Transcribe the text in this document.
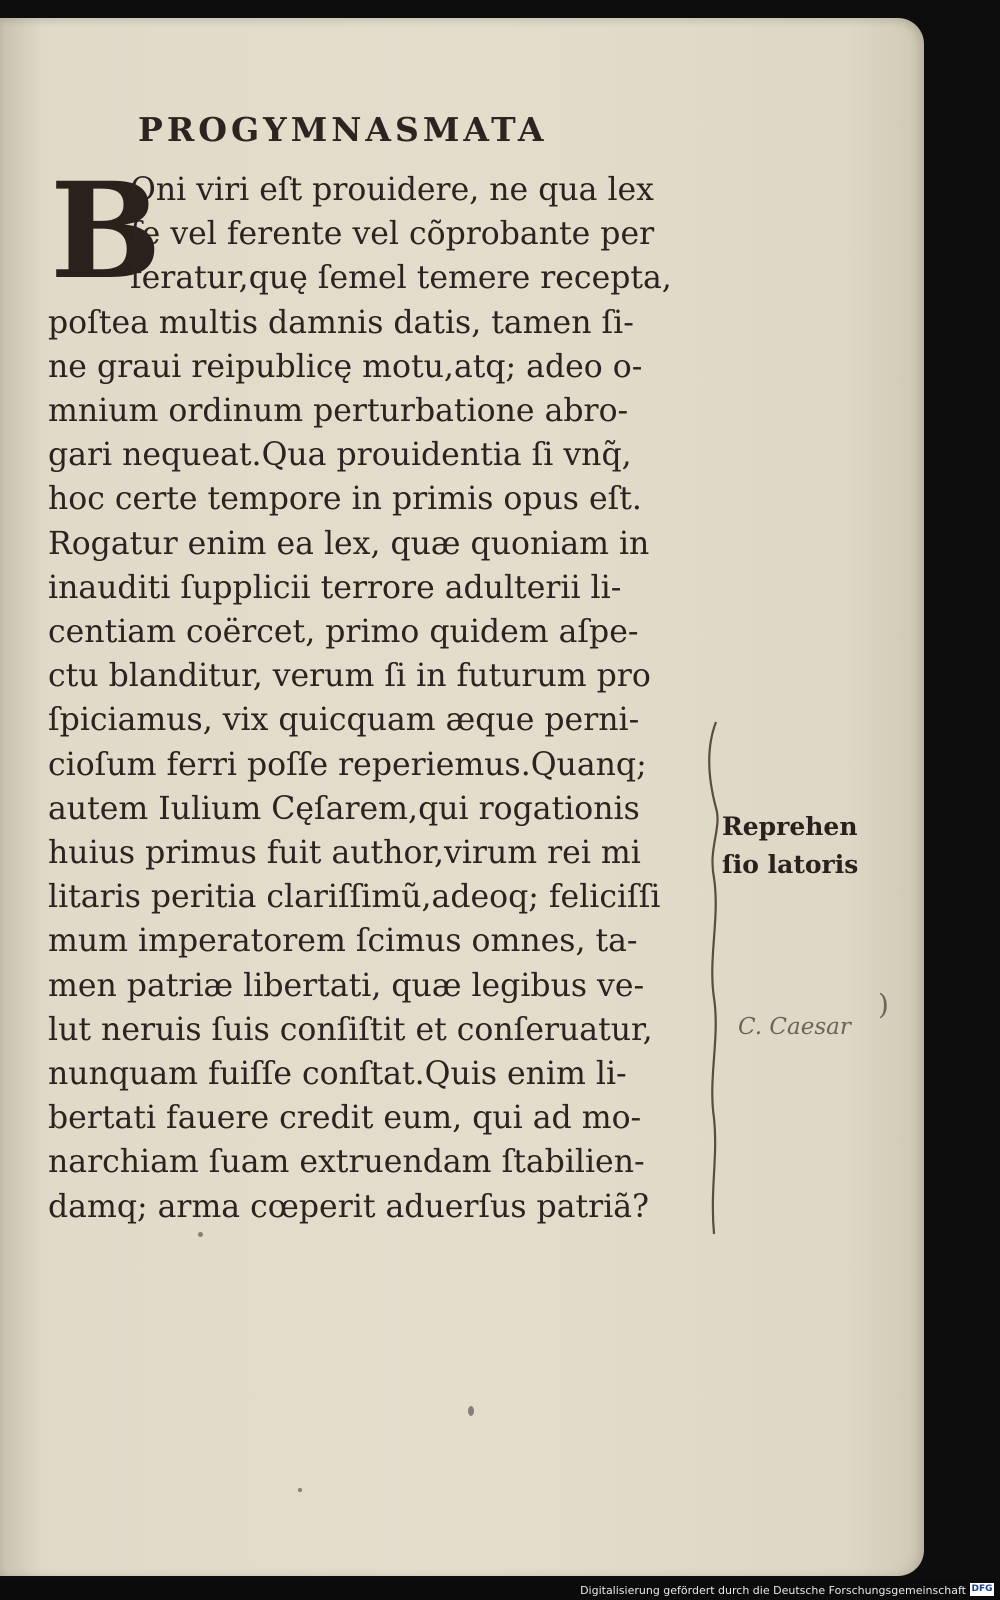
PROGYMNASMATA
B
Oni viri eſt prouidere, ne qua lex
ſe vel ferente vel cõprobante per
feratur,quę ſemel temere recepta,
poſtea multis damnis datis, tamen ſi-
ne graui reipublicę motu,atq; adeo o-
mnium ordinum perturbatione abro-
gari nequeat.Qua prouidentia ſi vnq̃,
hoc certe tempore in primis opus eſt.
Rogatur enim ea lex, quæ quoniam in
inauditi ſupplicii terrore adulterii li-
centiam coërcet, primo quidem aſpe-
ctu blanditur, verum ſi in futurum pro
ſpiciamus, vix quicquam æque perni-
cioſum ferri poſſe reperiemus.Quanq;
autem Iulium Cęſarem,qui rogationis
huius primus fuit author,virum rei mi
litaris peritia clariſſimũ,adeoq; feliciſſi
mum imperatorem ſcimus omnes, ta-
men patriæ libertati, quæ legibus ve-
lut neruis ſuis conſiſtit et conſeruatur,
nunquam fuiſſe conſtat.Quis enim li-
bertati fauere credit eum, qui ad mo-
narchiam ſuam extruendam ſtabilien-
damq; arma cœperit aduerſus patriã?
Reprehen
ſio latoris
C. Caesar
)
Digitalisierung gefördert durch die Deutsche Forschungsgemeinschaft DFG
